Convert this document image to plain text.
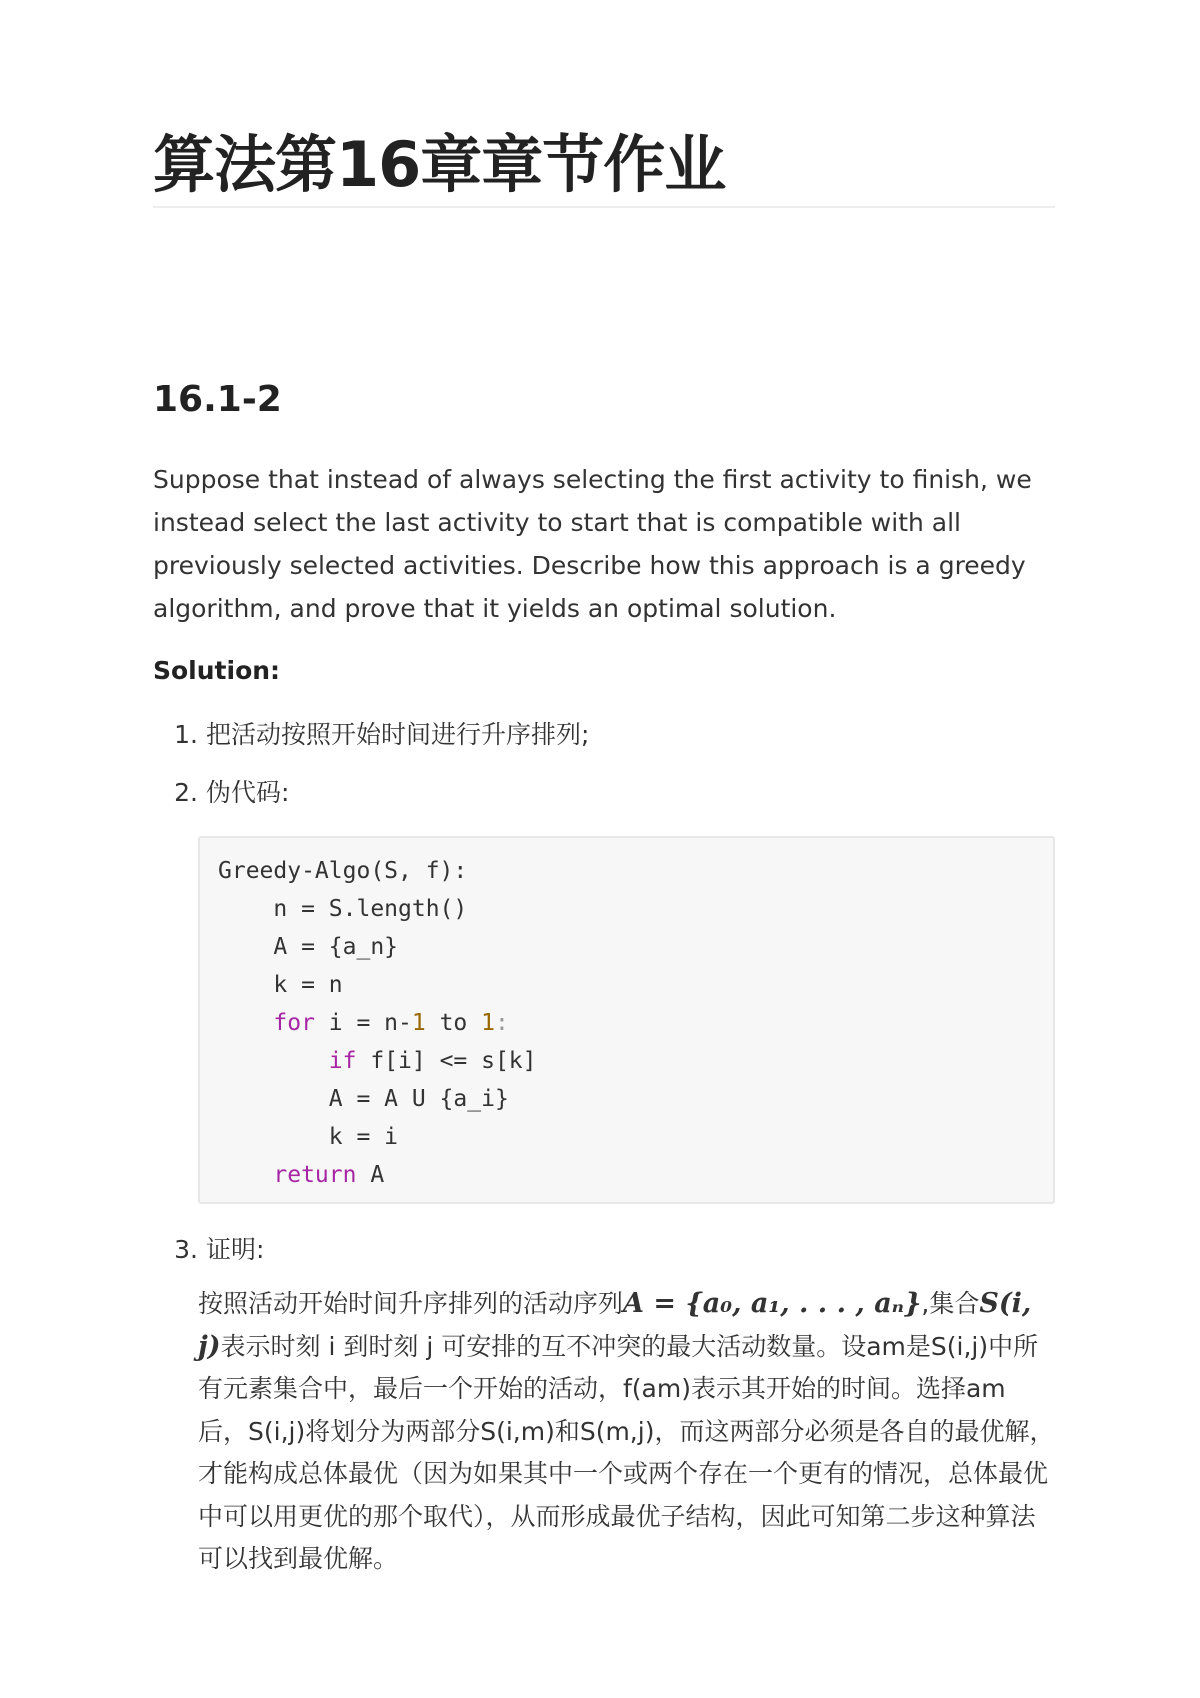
算法第16章章节作业
16.1-2

Suppose that instead of always selecting the first activity to finish, we instead select the last activity to start that is compatible with all previously selected activities. Describe how this approach is a greedy algorithm, and prove that it yields an optimal solution.

Solution:

1. 把活动按照开始时间进行升序排列;
2. 伪代码:
Greedy-Algo(S, f):
n = S.length()
A = {a_n}
k = n
for i = n-1 to 1:
if f[i] <= s[k]
A = A U {a_i}
k = i
return A
3. 证明:

按照活动开始时间升序排列的活动序列A = {a₀, a₁, . . . , aₙ},集合S(i, j)表示时刻 i 到时刻 j 可安排的互不冲突的最大活动数量。设am是S(i,j)中所有元素集合中，最后一个开始的活动，f(am)表示其开始的时间。选择am后，S(i,j)将划分为两部分S(i,m)和S(m,j)，而这两部分必须是各自的最优解，才能构成总体最优（因为如果其中一个或两个存在一个更有的情况，总体最优中可以用更优的那个取代），从而形成最优子结构，因此可知第二步这种算法可以找到最优解。
